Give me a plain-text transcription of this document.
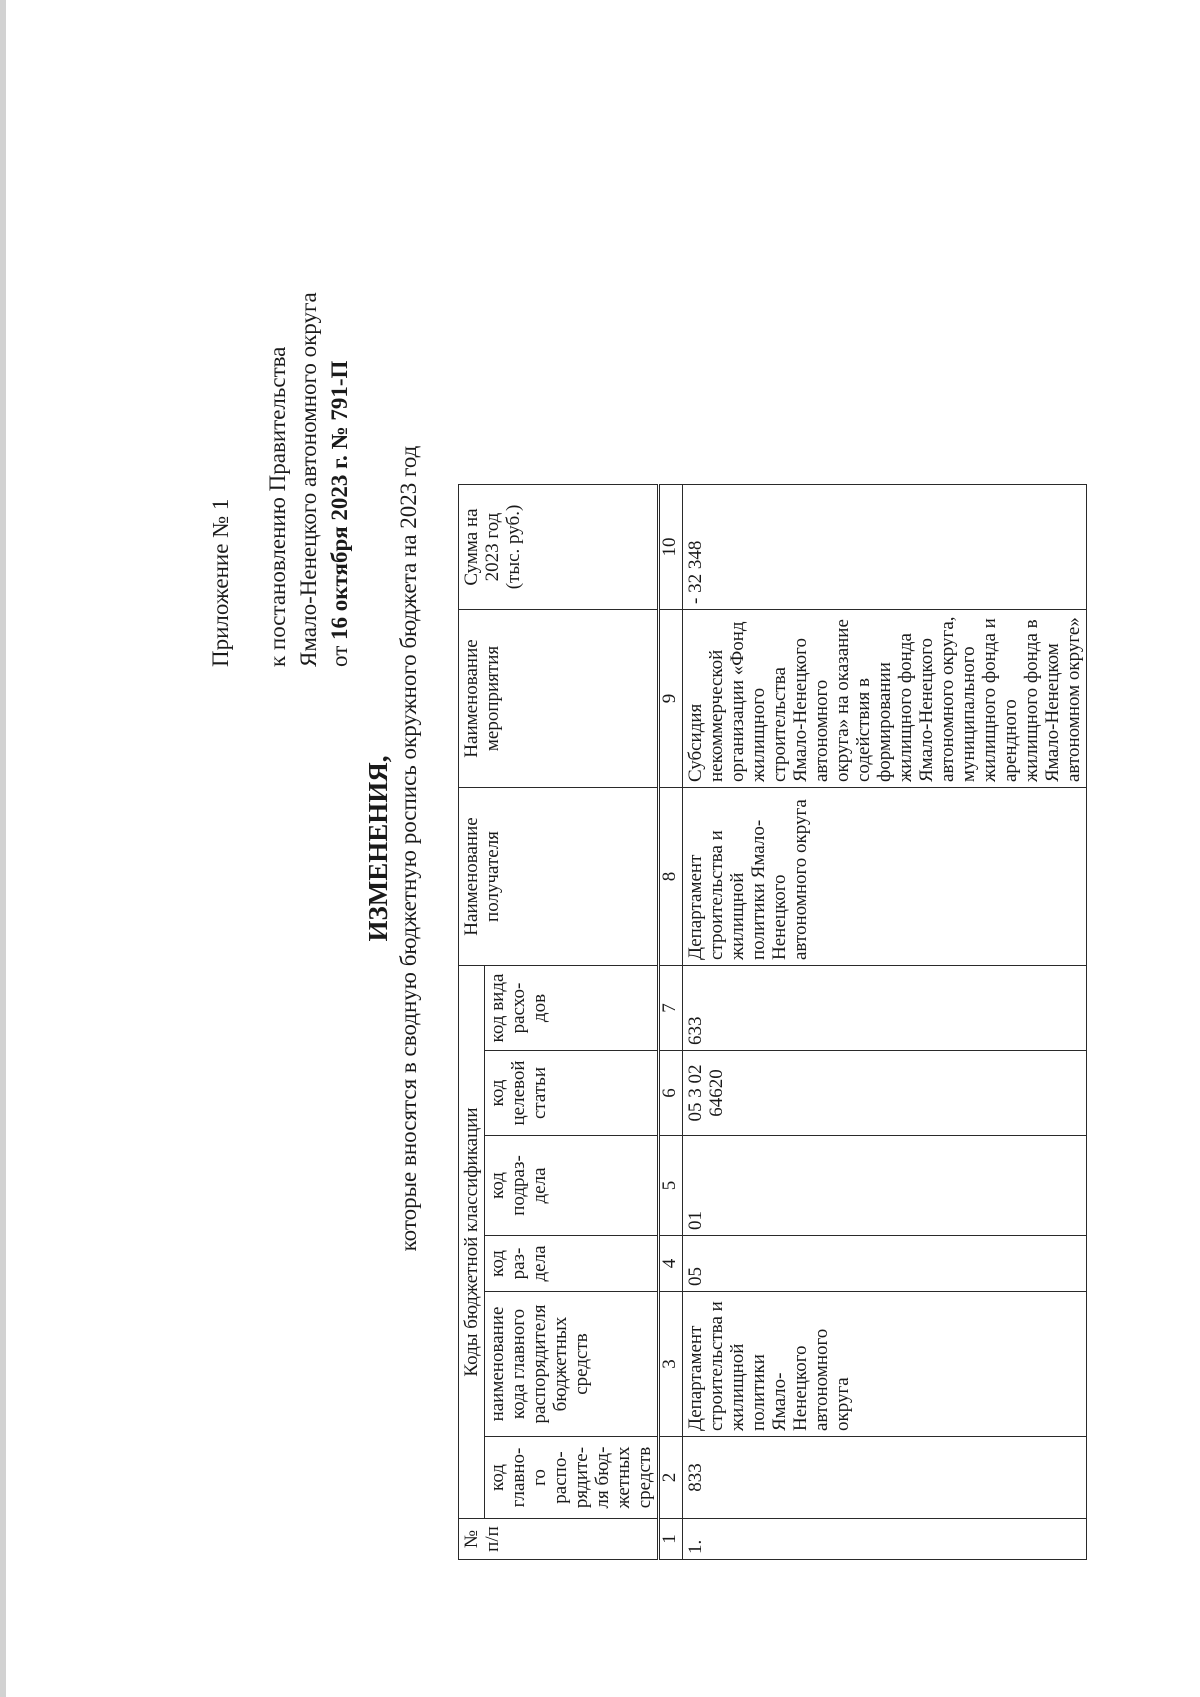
Приложение № 1 к постановлению Правительства Ямало-Ненецкого автономного округа от 16 октября 2023 г. № 791-П
ИЗМЕНЕНИЯ, которые вносятся в сводную бюджетную роспись окружного бюджета на 2023 год
№ п/п	Коды бюджетной классификации						Наименование получателя	Наименование мероприятия	Сумма на 2023 год (тыс. руб.)
	код главно-го распо-рядите-ля бюд-жетных средств	наименование кода главного распорядителя бюджетных средств	код раз-дела	код подраз-дела	код целевой статьи	код вида расхо-дов			
1	2	3	4	5	6	7	8	9	10
1.	833	Департамент строительства и жилищной политики Ямало-Ненецкого автономного округа	05	01	05 3 02 64620	633	Департамент строительства и жилищной политики Ямало-Ненецкого автономного округа	Субсидия некоммерческой организации «Фонд жилищного строительства Ямало-Ненецкого автономного округа» на оказание содействия в формировании жилищного фонда Ямало-Ненецкого автономного округа, муниципального жилищного фонда и арендного жилищного фонда в Ямало-Ненецком автономном округе»	- 32 348
